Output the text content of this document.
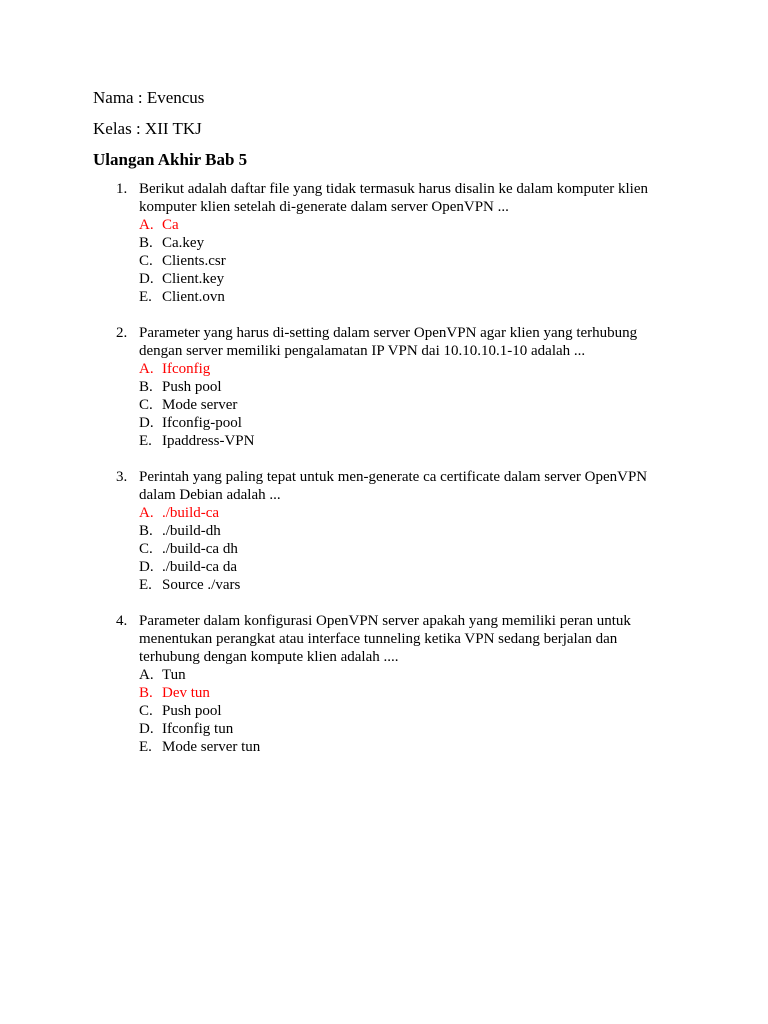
Nama : Evencus
Kelas : XII TKJ
Ulangan Akhir Bab 5
1. Berikut adalah daftar file yang tidak termasuk harus disalin ke dalam komputer klien komputer klien setelah di-generate dalam server OpenVPN ...
A. Ca
B. Ca.key
C. Clients.csr
D. Client.key
E. Client.ovn
2. Parameter yang harus di-setting dalam server OpenVPN agar klien yang terhubung dengan server memiliki pengalamatan IP VPN dai 10.10.10.1-10 adalah ...
A. Ifconfig
B. Push pool
C. Mode server
D. Ifconfig-pool
E. Ipaddress-VPN
3. Perintah yang paling tepat untuk men-generate ca certificate dalam server OpenVPN dalam Debian adalah ...
A. ./build-ca
B. ./build-dh
C. ./build-ca dh
D. ./build-ca da
E. Source ./vars
4. Parameter dalam konfigurasi OpenVPN server apakah yang memiliki peran untuk menentukan perangkat atau interface tunneling ketika VPN sedang berjalan dan terhubung dengan kompute klien adalah ....
A. Tun
B. Dev tun
C. Push pool
D. Ifconfig tun
E. Mode server tun
